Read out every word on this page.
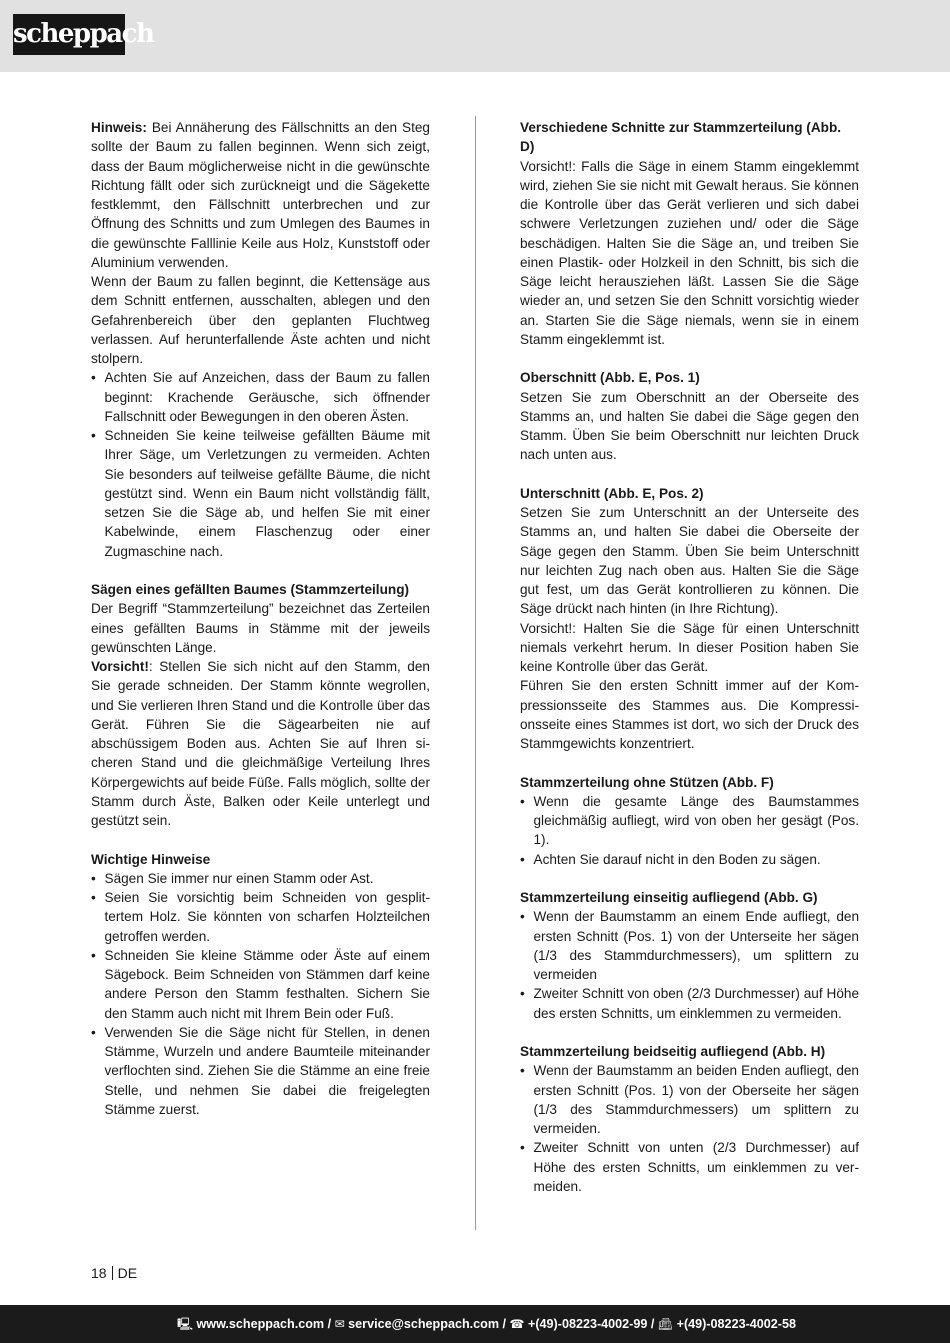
scheppach

Hinweis: Bei Annäherung des Fällschnitts an den Steg sollte der Baum zu fallen beginnen. Wenn sich zeigt, dass der Baum möglicherweise nicht in die gewünschte Richtung fällt oder sich zurückneigt und die Sägekette festklemmt, den Fällschnitt unterbrechen und zur Öffnung des Schnitts und zum Umlegen des Baumes in die gewünschte Falllinie Keile aus Holz, Kunststoff oder Aluminium verwenden.

Wenn der Baum zu fallen beginnt, die Kettensäge aus dem Schnitt entfernen, ausschalten, ablegen und den Gefahrenbereich über den geplanten Fluchtweg verlassen. Auf herunterfallende Äste achten und nicht stolpern.

• Achten Sie auf Anzeichen, dass der Baum zu fallen beginnt: Krachende Geräusche, sich öffnender Fallschnitt oder Bewegungen in den oberen Ästen.
• Schneiden Sie keine teilweise gefällten Bäume mit Ihrer Säge, um Verletzungen zu vermeiden. Achten Sie besonders auf teilweise gefällte Bäume, die nicht gestützt sind. Wenn ein Baum nicht vollständig fällt, setzen Sie die Säge ab, und helfen Sie mit einer Kabelwinde, einem Flaschenzug oder einer Zugmaschine nach.
Sägen eines gefällten Baumes (Stammzerteilung)

Der Begriff “Stammzerteilung” bezeichnet das Zerteilen eines gefällten Baums in Stämme mit der jeweils gewünschten Länge.

Vorsicht!: Stellen Sie sich nicht auf den Stamm, den Sie gerade schneiden. Der Stamm könnte wegrollen, und Sie verlieren Ihren Stand und die Kontrolle über das Gerät. Führen Sie die Sägearbeiten nie auf abschüssigem Boden aus. Achten Sie auf Ihren sicheren Stand und die gleichmäßige Verteilung Ihres Körpergewichts auf beide Füße. Falls möglich, sollte der Stamm durch Äste, Balken oder Keile unterlegt und gestützt sein.

Wichtige Hinweise
• Sägen Sie immer nur einen Stamm oder Ast.
• Seien Sie vorsichtig beim Schneiden von gesplittertem Holz. Sie könnten von scharfen Holzteilchen getroffen werden.
• Schneiden Sie kleine Stämme oder Äste auf einem Sägebock. Beim Schneiden von Stämmen darf keine andere Person den Stamm festhalten. Sichern Sie den Stamm auch nicht mit Ihrem Bein oder Fuß.
• Verwenden Sie die Säge nicht für Stellen, in denen Stämme, Wurzeln und andere Baumteile miteinander verflochten sind. Ziehen Sie die Stämme an eine freie Stelle, und nehmen Sie dabei die freigelegten Stämme zuerst.
Verschiedene Schnitte zur Stammzerteilung (Abb. D)

Vorsicht!: Falls die Säge in einem Stamm eingeklemmt wird, ziehen Sie sie nicht mit Gewalt heraus. Sie können die Kontrolle über das Gerät verlieren und sich dabei schwere Verletzungen zuziehen und/ oder die Säge beschädigen. Halten Sie die Säge an, und treiben Sie einen Plastik- oder Holzkeil in den Schnitt, bis sich die Säge leicht herausziehen läßt. Lassen Sie die Säge wieder an, und setzen Sie den Schnitt vorsichtig wieder an. Starten Sie die Säge niemals, wenn sie in einem Stamm eingeklemmt ist.

Oberschnitt (Abb. E, Pos. 1)

Setzen Sie zum Oberschnitt an der Oberseite des Stamms an, und halten Sie dabei die Säge gegen den Stamm. Üben Sie beim Oberschnitt nur leichten Druck nach unten aus.

Unterschnitt (Abb. E, Pos. 2)

Setzen Sie zum Unterschnitt an der Unterseite des Stamms an, und halten Sie dabei die Oberseite der Säge gegen den Stamm. Üben Sie beim Unterschnitt nur leichten Zug nach oben aus. Halten Sie die Säge gut fest, um das Gerät kontrollieren zu können. Die Säge drückt nach hinten (in Ihre Richtung).

Vorsicht!: Halten Sie die Säge für einen Unterschnitt niemals verkehrt herum. In dieser Position haben Sie keine Kontrolle über das Gerät.

Führen Sie den ersten Schnitt immer auf der Kompressionsseite des Stammes aus. Die Kompressionsseite eines Stammes ist dort, wo sich der Druck des Stammgewichts konzentriert.

Stammzerteilung ohne Stützen (Abb. F)
• Wenn die gesamte Länge des Baumstammes gleichmäßig aufliegt, wird von oben her gesägt (Pos. 1).
• Achten Sie darauf nicht in den Boden zu sägen.
Stammzerteilung einseitig aufliegend (Abb. G)
• Wenn der Baumstamm an einem Ende aufliegt, den ersten Schnitt (Pos. 1) von der Unterseite her sägen (1/3 des Stammdurchmessers), um splittern zu vermeiden
• Zweiter Schnitt von oben (2/3 Durchmesser) auf Höhe des ersten Schnitts, um einklemmen zu vermeiden.
Stammzerteilung beidseitig aufliegend (Abb. H)
• Wenn der Baumstamm an beiden Enden aufliegt, den ersten Schnitt (Pos. 1) von der Oberseite her sägen (1/3 des Stammdurchmessers) um splittern zu vermeiden.
• Zweiter Schnitt von unten (2/3 Durchmesser) auf Höhe des ersten Schnitts, um einklemmen zu vermeiden.
18 DE
🖳︎ www.scheppach.com / ✉︎ service@scheppach.com / ☎︎ +(49)-08223-4002-99 / 📠︎ +(49)-08223-4002-58
